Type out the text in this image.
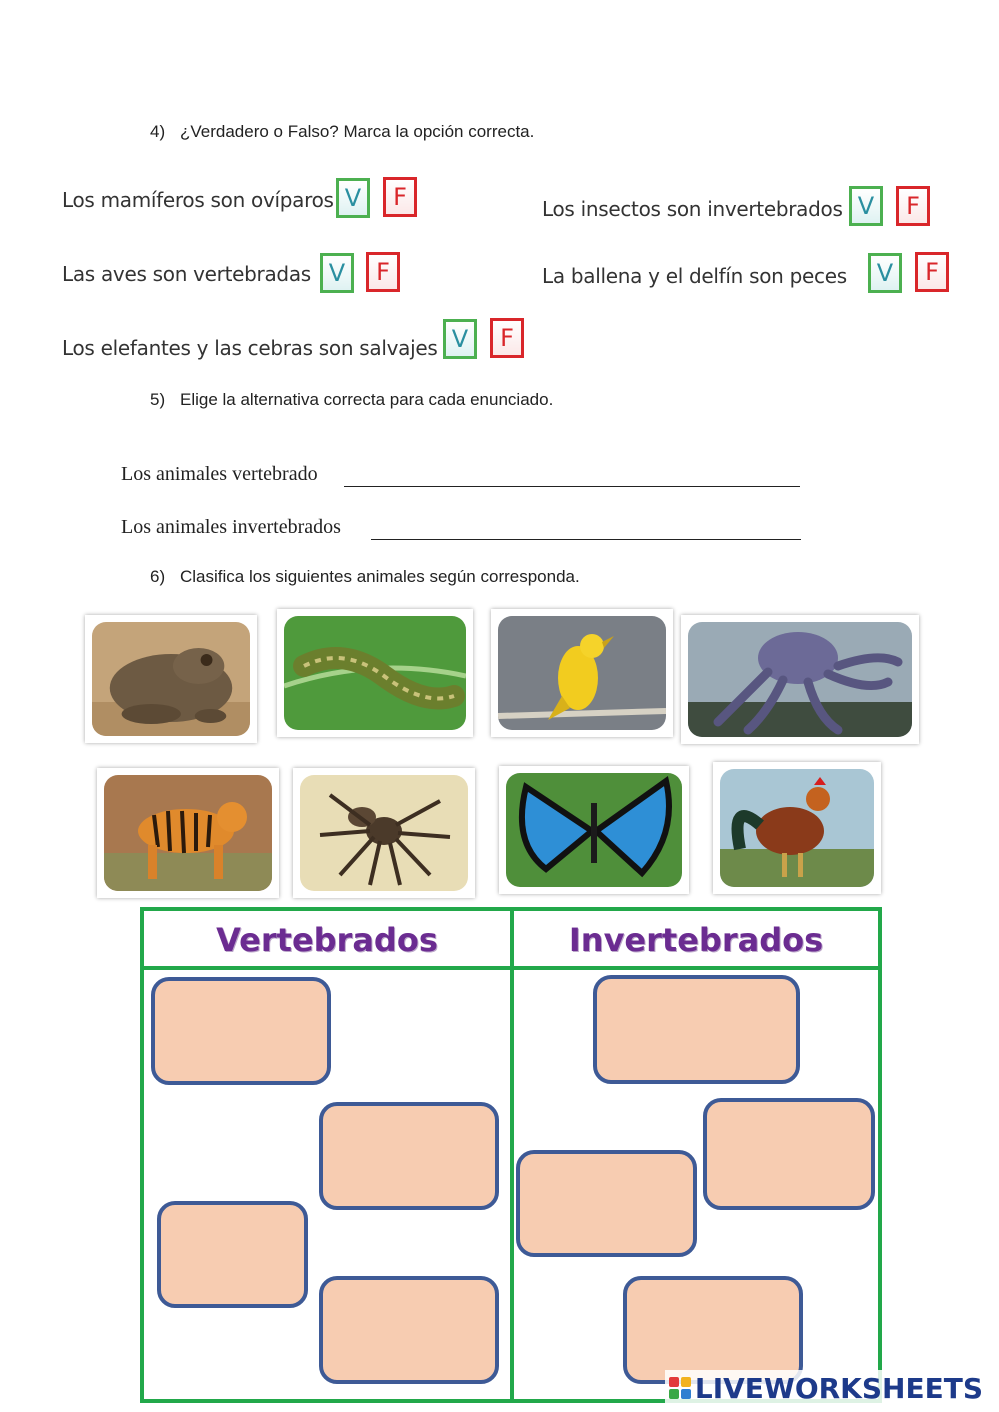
4) ¿Verdadero o Falso? Marca la opción correcta.
Los mamíferos son ovíparos V	F	Los insectos son invertebrados V	F
Las aves son vertebradas V	F	La ballena y el delfín son peces	V	F
Los elefantes y las cebras son salvajes V	F
5) Elige la alternativa correcta para cada enunciado.
Los animales vertebrado
Los animales invertebrados
6) Clasifica los siguientes animales según corresponda.
Vertebrados	Invertebrados
LIVEWORKSHEETS
